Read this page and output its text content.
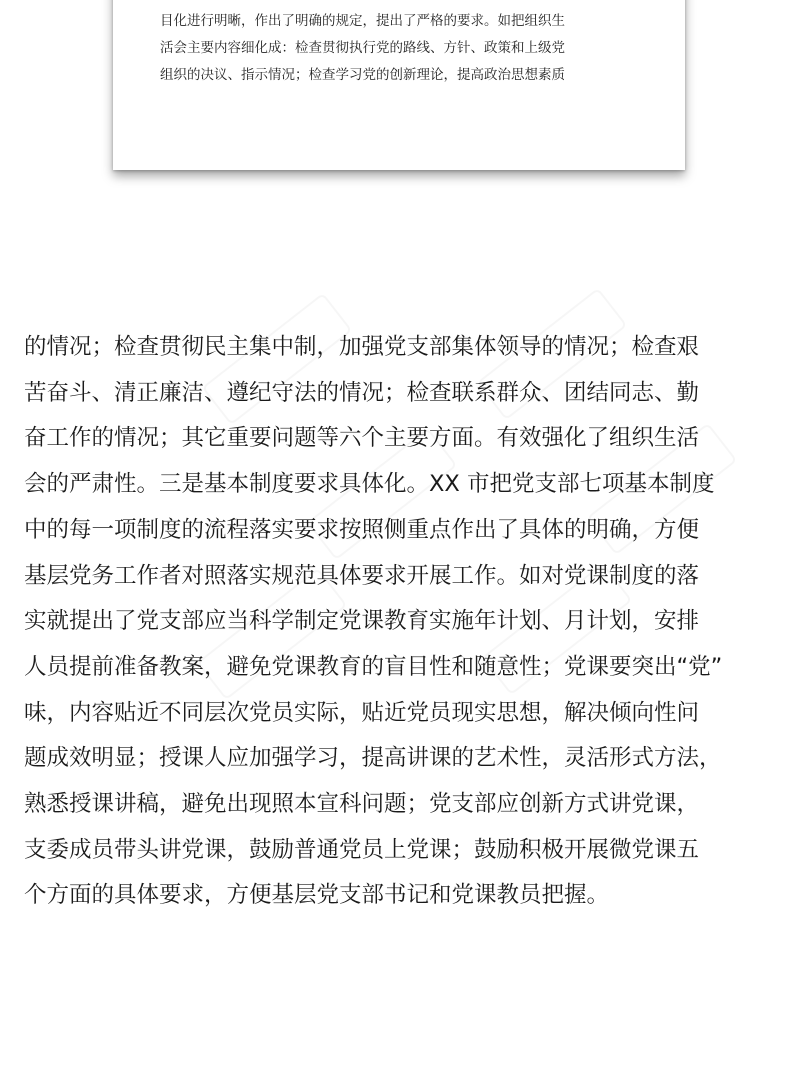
目化进行明晰，作出了明确的规定，提出了严格的要求。如把组织生
活会主要内容细化成：检查贯彻执行党的路线、方针、政策和上级党
组织的决议、指示情况；检查学习党的创新理论，提高政治思想素质

的情况；检查贯彻民主集中制，加强党支部集体领导的情况；检查艰
苦奋斗、清正廉洁、遵纪守法的情况；检查联系群众、团结同志、勤
奋工作的情况；其它重要问题等六个主要方面。有效强化了组织生活
会的严肃性。三是基本制度要求具体化。XX 市把党支部七项基本制度
中的每一项制度的流程落实要求按照侧重点作出了具体的明确，方便
基层党务工作者对照落实规范具体要求开展工作。如对党课制度的落
实就提出了党支部应当科学制定党课教育实施年计划、月计划，安排
人员提前准备教案，避免党课教育的盲目性和随意性；党课要突出“党”
味，内容贴近不同层次党员实际，贴近党员现实思想，解决倾向性问
题成效明显；授课人应加强学习，提高讲课的艺术性，灵活形式方法，
熟悉授课讲稿，避免出现照本宣科问题；党支部应创新方式讲党课，
支委成员带头讲党课，鼓励普通党员上党课；鼓励积极开展微党课五
个方面的具体要求，方便基层党支部书记和党课教员把握。
